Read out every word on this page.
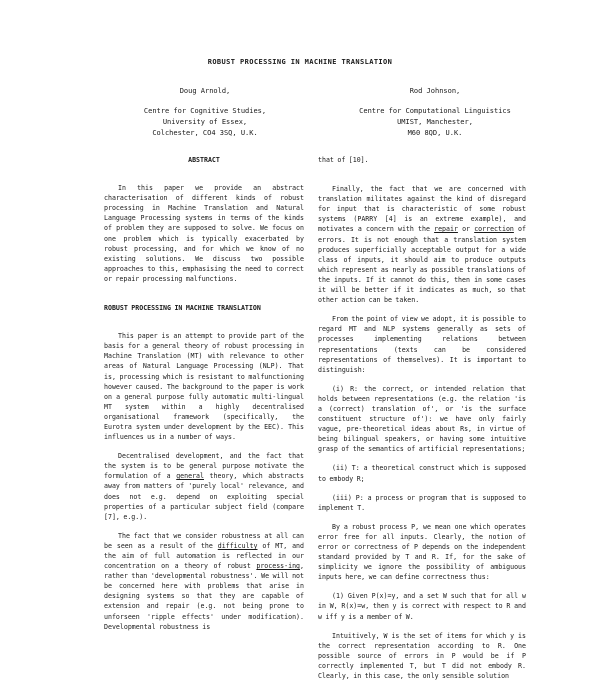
ROBUST PROCESSING IN MACHINE TRANSLATION
Doug Arnold,
Centre for Cognitive Studies,
University of Essex,
Colchester, CO4 3SQ, U.K.
Rod Johnson,
Centre for Computational Linguistics
UMIST, Manchester,
M60 8QD, U.K.
ABSTRACT

In this paper we provide an abstract characterisation of different kinds of robust processing in Machine Translation and Natural Language Processing systems in terms of the kinds of problem they are supposed to solve. We focus on one problem which is typically exacerbated by robust processing, and for which we know of no existing solutions. We discuss two possible approaches to this, emphasising the need to correct or repair processing malfunctions.

ROBUST PROCESSING IN MACHINE TRANSLATION

This paper is an attempt to provide part of the basis for a general theory of robust processing in Machine Translation (MT) with relevance to other areas of Natural Language Processing (NLP). That is, processing which is resistant to malfunctioning however caused. The background to the paper is work on a general purpose fully automatic multi-lingual MT system within a highly decentralised organisational framework (specifically, the Eurotra system under development by the EEC). This influences us in a number of ways.

Decentralised development, and the fact that the system is to be general purpose motivate the formulation of a general theory, which abstracts away from matters of 'purely local' relevance, and does not e.g. depend on exploiting special properties of a particular subject field (compare [7], e.g.).

The fact that we consider robustness at all can be seen as a result of the difficulty of MT, and the aim of full automation is reflected in our concentration on a theory of robust process-ing, rather than 'developmental robustness'. We will not be concerned here with problems that arise in designing systems so that they are capable of extension and repair (e.g. not being prone to unforseen 'ripple effects' under modification). Developmental robustness is

that of [10].

Finally, the fact that we are concerned with translation militates against the kind of disregard for input that is characteristic of some robust systems (PARRY [4] is an extreme example), and motivates a concern with the repair or correction of errors. It is not enough that a translation system produces superficially acceptable output for a wide class of inputs, it should aim to produce outputs which represent as nearly as possible translations of the inputs. If it cannot do this, then in some cases it will be better if it indicates as much, so that other action can be taken.

From the point of view we adopt, it is possible to regard MT and NLP systems generally as sets of processes implementing relations between representations (texts can be considered representations of themselves). It is important to distinguish:

(i) R: the correct, or intended relation that holds between representations (e.g. the relation 'is a (correct) translation of', or 'is the surface constituent structure of'): we have only fairly vague, pre-theoretical ideas about Rs, in virtue of being bilingual speakers, or having some intuitive grasp of the semantics of artificial representations;

(ii) T: a theoretical construct which is supposed to embody R;

(iii) P: a process or program that is supposed to implement T.

By a robust process P, we mean one which operates error free for all inputs. Clearly, the notion of error or correctness of P depends on the independent standard provided by T and R. If, for the sake of simplicity we ignore the possibility of ambiguous inputs here, we can define correctness thus:

(1) Given P(x)=y, and a set W such that for all w in W, R(x)=w, then y is correct with respect to R and w iff y is a member of W.

Intuitively, W is the set of items for which y is the correct representation according to R. One possible source of errors in P would be if P correctly implemented T, but T did not embody R. Clearly, in this case, the only sensible solution
